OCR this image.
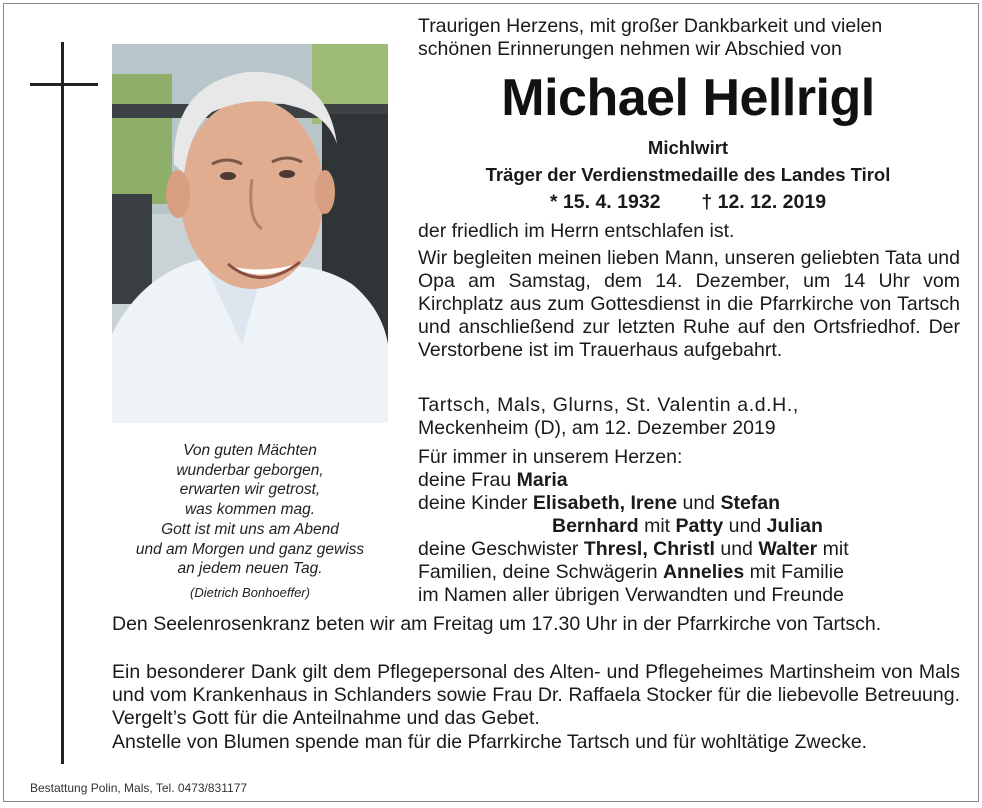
Von guten Mächten
wunderbar geborgen,
erwarten wir getrost,
was kommen mag.
Gott ist mit uns am Abend
und am Morgen und ganz gewiss
an jedem neuen Tag.
(Dietrich Bonhoeffer)
Traurigen Herzens, mit großer Dankbarkeit und vielen
schönen Erinnerungen nehmen wir Abschied von
Michael Hellrigl
Michlwirt
Träger der Verdienstmedaille des Landes Tirol
* 15. 4. 1932 † 12. 12. 2019
der friedlich im Herrn entschlafen ist.
Wir begleiten meinen lieben Mann, unseren geliebten Tata und Opa am Samstag, dem 14. Dezember, um 14 Uhr vom Kirchplatz aus zum Gottesdienst in die Pfarrkirche von Tartsch und anschließend zur letzten Ruhe auf den Ortsfriedhof. Der Verstorbene ist im Trauerhaus aufgebahrt.
Tartsch, Mals, Glurns, St. Valentin a.d.H.,
Meckenheim (D), am 12. Dezember 2019
Für immer in unserem Herzen:
deine Frau Maria
deine Kinder Elisabeth, Irene und Stefan
Bernhard mit Patty und Julian
deine Geschwister Thresl, Christl und Walter mit
Familien, deine Schwägerin Annelies mit Familie
im Namen aller übrigen Verwandten und Freunde
Den Seelenrosenkranz beten wir am Freitag um 17.30 Uhr in der Pfarrkirche von Tartsch.
Ein besonderer Dank gilt dem Pflegepersonal des Alten- und Pflegeheimes Martinsheim von Mals und vom Krankenhaus in Schlanders sowie Frau Dr. Raffaela Stocker für die liebevolle Betreuung. Vergelt’s Gott für die Anteilnahme und das Gebet.
Anstelle von Blumen spende man für die Pfarrkirche Tartsch und für wohltätige Zwecke.
Bestattung Polin, Mals, Tel. 0473/831177
